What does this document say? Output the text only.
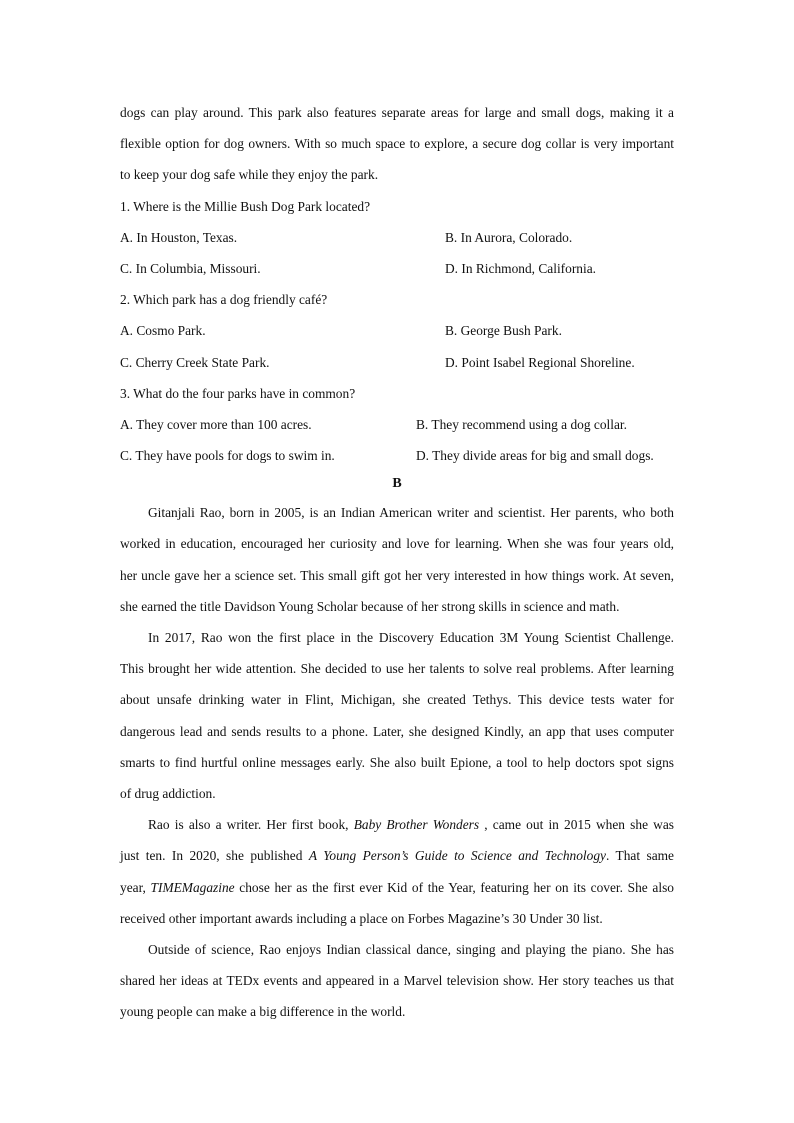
dogs can play around. This park also features separate areas for large and small dogs, making it a
flexible option for dog owners. With so much space to explore, a secure dog collar is very important
to keep your dog safe while they enjoy the park.
1. Where is the Millie Bush Dog Park located?
A. In Houston, Texas.	B. In Aurora, Colorado.
C. In Columbia, Missouri.	D. In Richmond, California.
2. Which park has a dog friendly café?
A. Cosmo Park.	B. George Bush Park.
C. Cherry Creek State Park.	D. Point Isabel Regional Shoreline.
3. What do the four parks have in common?
A. They cover more than 100 acres.	B. They recommend using a dog collar.
C. They have pools for dogs to swim in.	D. They divide areas for big and small dogs.
B
Gitanjali Rao, born in 2005, is an Indian American writer and scientist. Her parents, who both
worked in education, encouraged her curiosity and love for learning. When she was four years old,
her uncle gave her a science set. This small gift got her very interested in how things work. At seven,
she earned the title Davidson Young Scholar because of her strong skills in science and math.
In 2017, Rao won the first place in the Discovery Education 3M Young Scientist Challenge.
This brought her wide attention. She decided to use her talents to solve real problems. After learning
about unsafe drinking water in Flint, Michigan, she created Tethys. This device tests water for
dangerous lead and sends results to a phone. Later, she designed Kindly, an app that uses computer
smarts to find hurtful online messages early. She also built Epione, a tool to help doctors spot signs
of drug addiction.
Rao is also a writer. Her first book, Baby Brother Wonders , came out in 2015 when she was
just ten. In 2020, she published A Young Person’s Guide to Science and Technology. That same
year, TIMEMagazine chose her as the first ever Kid of the Year, featuring her on its cover. She also
received other important awards including a place on Forbes Magazine’s 30 Under 30 list.
Outside of science, Rao enjoys Indian classical dance, singing and playing the piano. She has
shared her ideas at TEDx events and appeared in a Marvel television show. Her story teaches us that
young people can make a big difference in the world.
